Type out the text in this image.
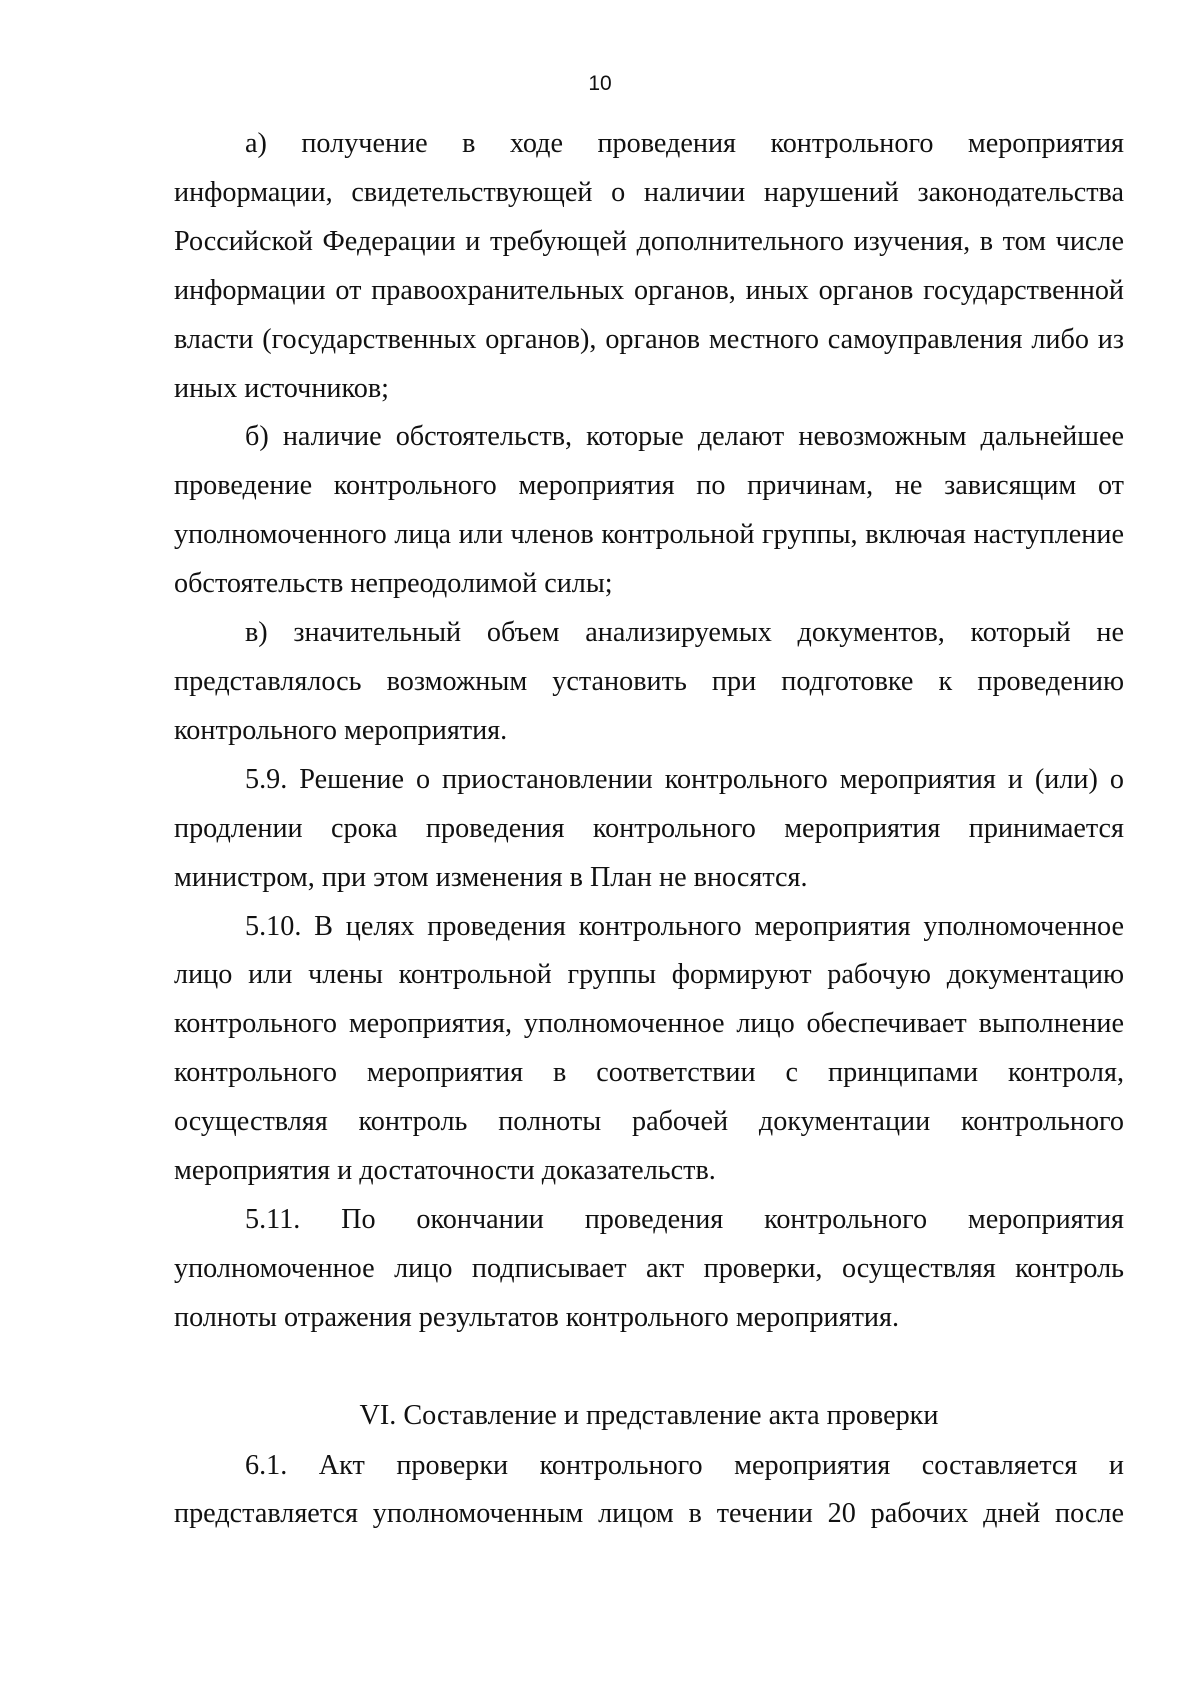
10

а) получение в ходе проведения контрольного мероприятия информации, свидетельствующей о наличии нарушений законодательства Российской Федерации и требующей дополнительного изучения, в том числе информации от правоохранительных органов, иных органов государственной власти (государственных органов), органов местного самоуправления либо из иных источников;

б) наличие обстоятельств, которые делают невозможным дальнейшее проведение контрольного мероприятия по причинам, не зависящим от уполномоченного лица или членов контрольной группы, включая наступление обстоятельств непреодолимой силы;

в) значительный объем анализируемых документов, который не представлялось возможным установить при подготовке к проведению контрольного мероприятия.

5.9. Решение о приостановлении контрольного мероприятия и (или) о продлении срока проведения контрольного мероприятия принимается министром, при этом изменения в План не вносятся.

5.10. В целях проведения контрольного мероприятия уполномоченное лицо или члены контрольной группы формируют рабочую документацию контрольного мероприятия, уполномоченное лицо обеспечивает выполнение контрольного мероприятия в соответствии с принципами контроля, осуществляя контроль полноты рабочей документации контрольного мероприятия и достаточности доказательств.

5.11. По окончании проведения контрольного мероприятия уполномоченное лицо подписывает акт проверки, осуществляя контроль полноты отражения результатов контрольного мероприятия.

VI. Составление и представление акта проверки

6.1. Акт проверки контрольного мероприятия составляется и представляется уполномоченным лицом в течении 20 рабочих дней после
